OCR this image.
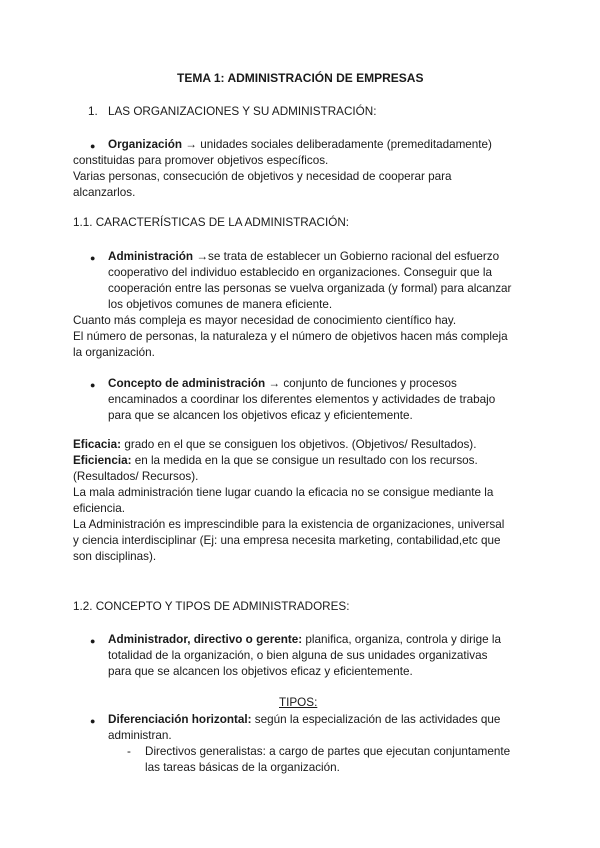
TEMA 1: ADMINISTRACIÓN DE EMPRESAS
1. LAS ORGANIZACIONES Y SU ADMINISTRACIÓN:
● Organización → unidades sociales deliberadamente (premeditadamente)
constituidas para promover objetivos específicos.
Varias personas, consecución de objetivos y necesidad de cooperar para
alcanzarlos.
1.1. CARACTERÍSTICAS DE LA ADMINISTRACIÓN:
● Administración →se trata de establecer un Gobierno racional del esfuerzo
cooperativo del individuo establecido en organizaciones. Conseguir que la
cooperación entre las personas se vuelva organizada (y formal) para alcanzar
los objetivos comunes de manera eficiente.
Cuanto más compleja es mayor necesidad de conocimiento científico hay.
El número de personas, la naturaleza y el número de objetivos hacen más compleja
la organización.
● Concepto de administración → conjunto de funciones y procesos
encaminados a coordinar los diferentes elementos y actividades de trabajo
para que se alcancen los objetivos eficaz y eficientemente.
Eficacia: grado en el que se consiguen los objetivos. (Objetivos/ Resultados).
Eficiencia: en la medida en la que se consigue un resultado con los recursos.
(Resultados/ Recursos).
La mala administración tiene lugar cuando la eficacia no se consigue mediante la
eficiencia.
La Administración es imprescindible para la existencia de organizaciones, universal
y ciencia interdisciplinar (Ej: una empresa necesita marketing, contabilidad,etc que
son disciplinas).
1.2. CONCEPTO Y TIPOS DE ADMINISTRADORES:
● Administrador, directivo o gerente: planifica, organiza, controla y dirige la
totalidad de la organización, o bien alguna de sus unidades organizativas
para que se alcancen los objetivos eficaz y eficientemente.
TIPOS:
● Diferenciación horizontal: según la especialización de las actividades que
administran.
- Directivos generalistas: a cargo de partes que ejecutan conjuntamente
las tareas básicas de la organización.
